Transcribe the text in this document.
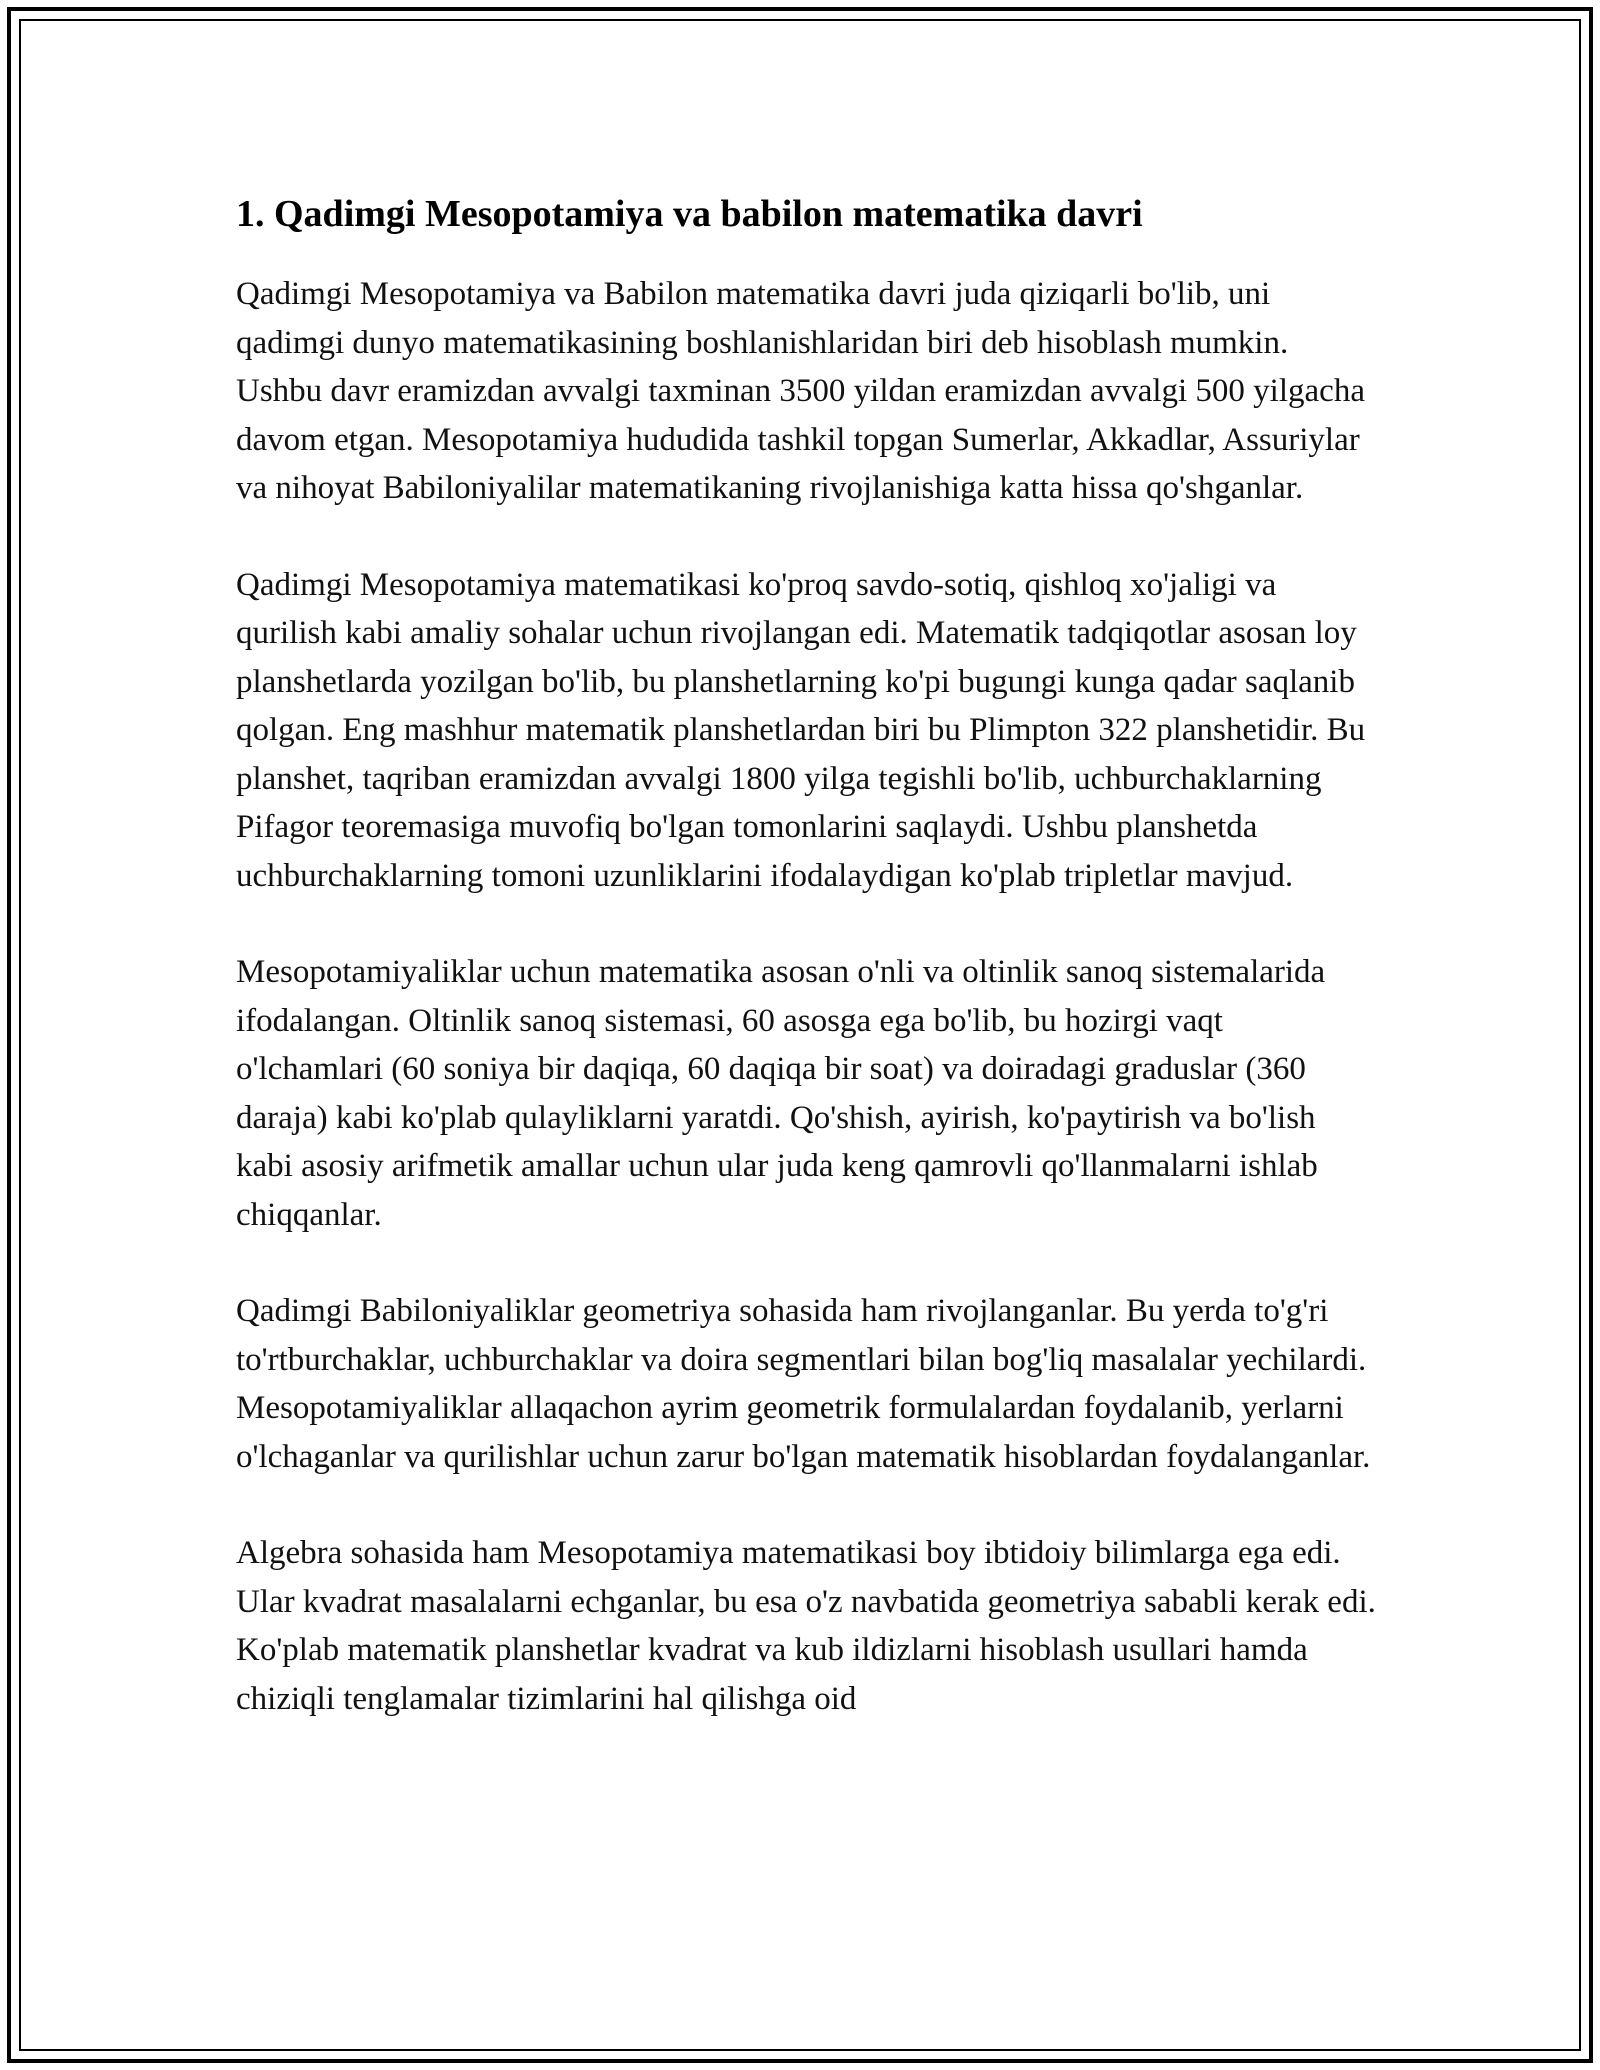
1. Qadimgi Mesopotamiya va babilon matematika davri

Qadimgi Mesopotamiya va Babilon matematika davri juda qiziqarli bo'lib, uni qadimgi dunyo matematikasining boshlanishlaridan biri deb hisoblash mumkin. Ushbu davr eramizdan avvalgi taxminan 3500 yildan eramizdan avvalgi 500 yilgacha davom etgan. Mesopotamiya hududida tashkil topgan Sumerlar, Akkadlar, Assuriylar va nihoyat Babiloniyalilar matematikaning rivojlanishiga katta hissa qo'shganlar.

Qadimgi Mesopotamiya matematikasi ko'proq savdo-sotiq, qishloq xo'jaligi va qurilish kabi amaliy sohalar uchun rivojlangan edi. Matematik tadqiqotlar asosan loy planshetlarda yozilgan bo'lib, bu planshetlarning ko'pi bugungi kunga qadar saqlanib qolgan. Eng mashhur matematik planshetlardan biri bu Plimpton 322 planshetidir. Bu planshet, taqriban eramizdan avvalgi 1800 yilga tegishli bo'lib, uchburchaklarning Pifagor teoremasiga muvofiq bo'lgan tomonlarini saqlaydi. Ushbu planshetda uchburchaklarning tomoni uzunliklarini ifodalaydigan ko'plab tripletlar mavjud.

Mesopotamiyaliklar uchun matematika asosan o'nli va oltinlik sanoq sistemalarida ifodalangan. Oltinlik sanoq sistemasi, 60 asosga ega bo'lib, bu hozirgi vaqt o'lchamlari (60 soniya bir daqiqa, 60 daqiqa bir soat) va doiradagi graduslar (360 daraja) kabi ko'plab qulayliklarni yaratdi. Qo'shish, ayirish, ko'paytirish va bo'lish kabi asosiy arifmetik amallar uchun ular juda keng qamrovli qo'llanmalarni ishlab chiqqanlar.

Qadimgi Babiloniyaliklar geometriya sohasida ham rivojlanganlar. Bu yerda to'g'ri to'rtburchaklar, uchburchaklar va doira segmentlari bilan bog'liq masalalar yechilardi. Mesopotamiyaliklar allaqachon ayrim geometrik formulalardan foydalanib, yerlarni o'lchaganlar va qurilishlar uchun zarur bo'lgan matematik hisoblardan foydalanganlar.

Algebra sohasida ham Mesopotamiya matematikasi boy ibtidoiy bilimlarga ega edi. Ular kvadrat masalalarni echganlar, bu esa o'z navbatida geometriya sababli kerak edi. Ko'plab matematik planshetlar kvadrat va kub ildizlarni hisoblash usullari hamda chiziqli tenglamalar tizimlarini hal qilishga oid
